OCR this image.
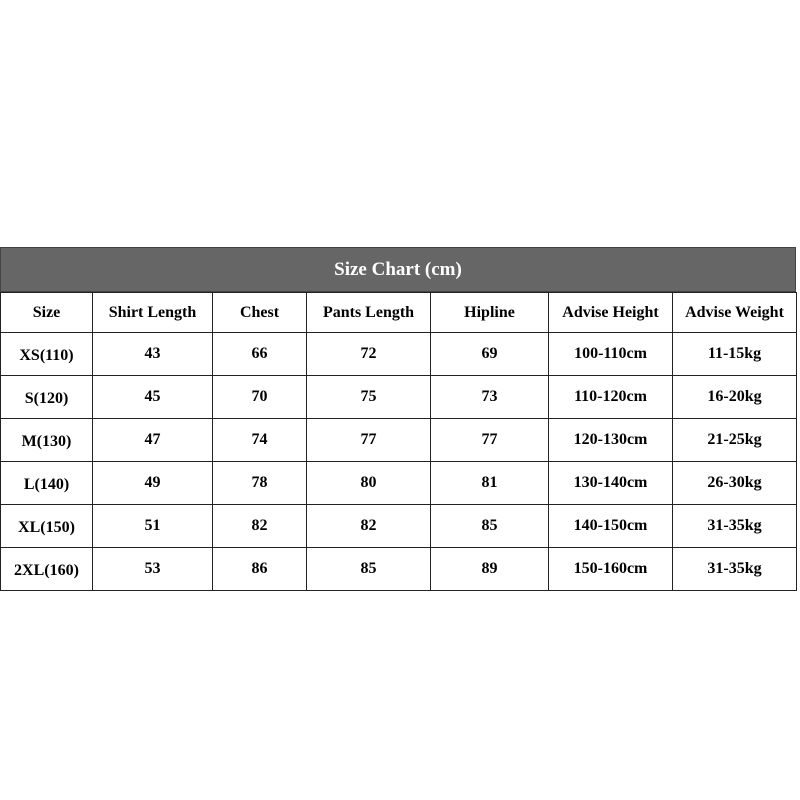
Size Chart (cm)
Size	Shirt Length	Chest	Pants Length	Hipline	Advise Height	Advise Weight
XS(110)	43	66	72	69	100-110cm	11-15kg
S(120)	45	70	75	73	110-120cm	16-20kg
M(130)	47	74	77	77	120-130cm	21-25kg
L(140)	49	78	80	81	130-140cm	26-30kg
XL(150)	51	82	82	85	140-150cm	31-35kg
2XL(160)	53	86	85	89	150-160cm	31-35kg
